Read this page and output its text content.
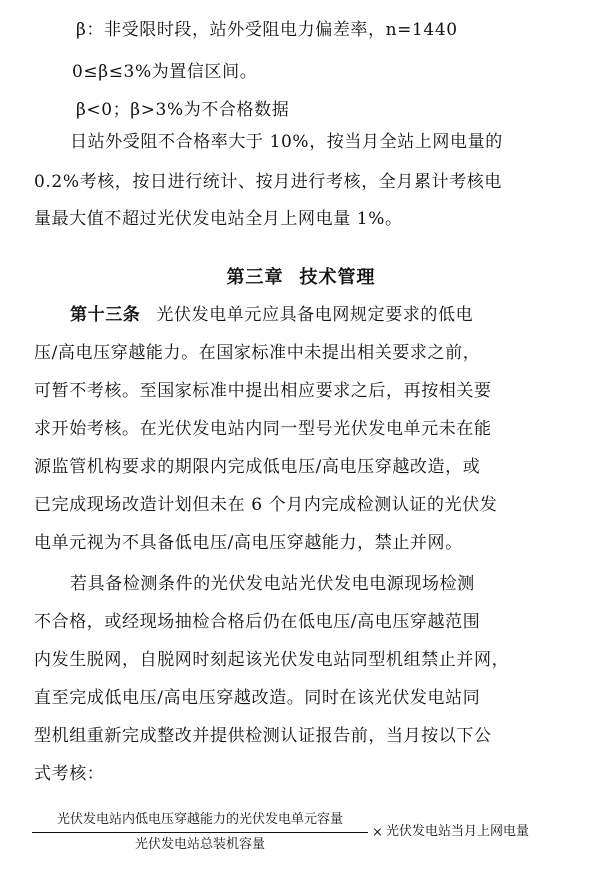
β：非受限时段，站外受阻电力偏差率，n=1440
0≤β≤3%为置信区间。
β<0；β>3%为不合格数据
日站外受阻不合格率大于 10%，按当月全站上网电量的
0.2%考核，按日进行统计、按月进行考核，全月累计考核电
量最大值不超过光伏发电站全月上网电量 1%。
第三章 技术管理
第十三条 光伏发电单元应具备电网规定要求的低电
压/高电压穿越能力。在国家标准中未提出相关要求之前，
可暂不考核。至国家标准中提出相应要求之后，再按相关要
求开始考核。在光伏发电站内同一型号光伏发电单元未在能
源监管机构要求的期限内完成低电压/高电压穿越改造，或
已完成现场改造计划但未在 6 个月内完成检测认证的光伏发
电单元视为不具备低电压/高电压穿越能力，禁止并网。
若具备检测条件的光伏发电站光伏发电电源现场检测
不合格，或经现场抽检合格后仍在低电压/高电压穿越范围
内发生脱网，自脱网时刻起该光伏发电站同型机组禁止并网，
直至完成低电压/高电压穿越改造。同时在该光伏发电站同
型机组重新完成整改并提供检测认证报告前，当月按以下公
式考核：
光伏发电站内低电压穿越能力的光伏发电单元容量
光伏发电站总装机容量
× 光伏发电站当月上网电量
